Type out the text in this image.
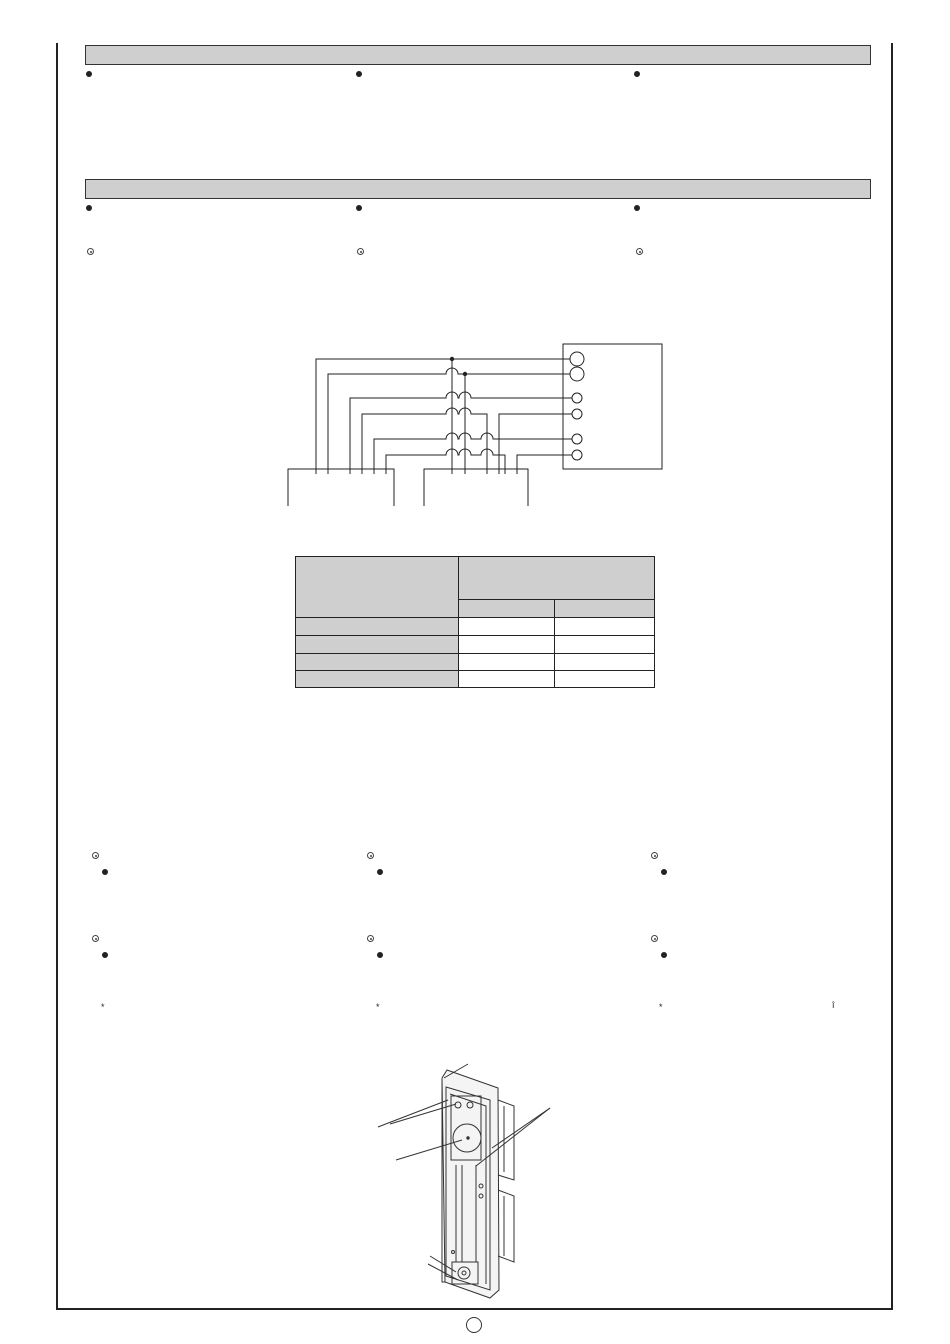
*	*	*	î
